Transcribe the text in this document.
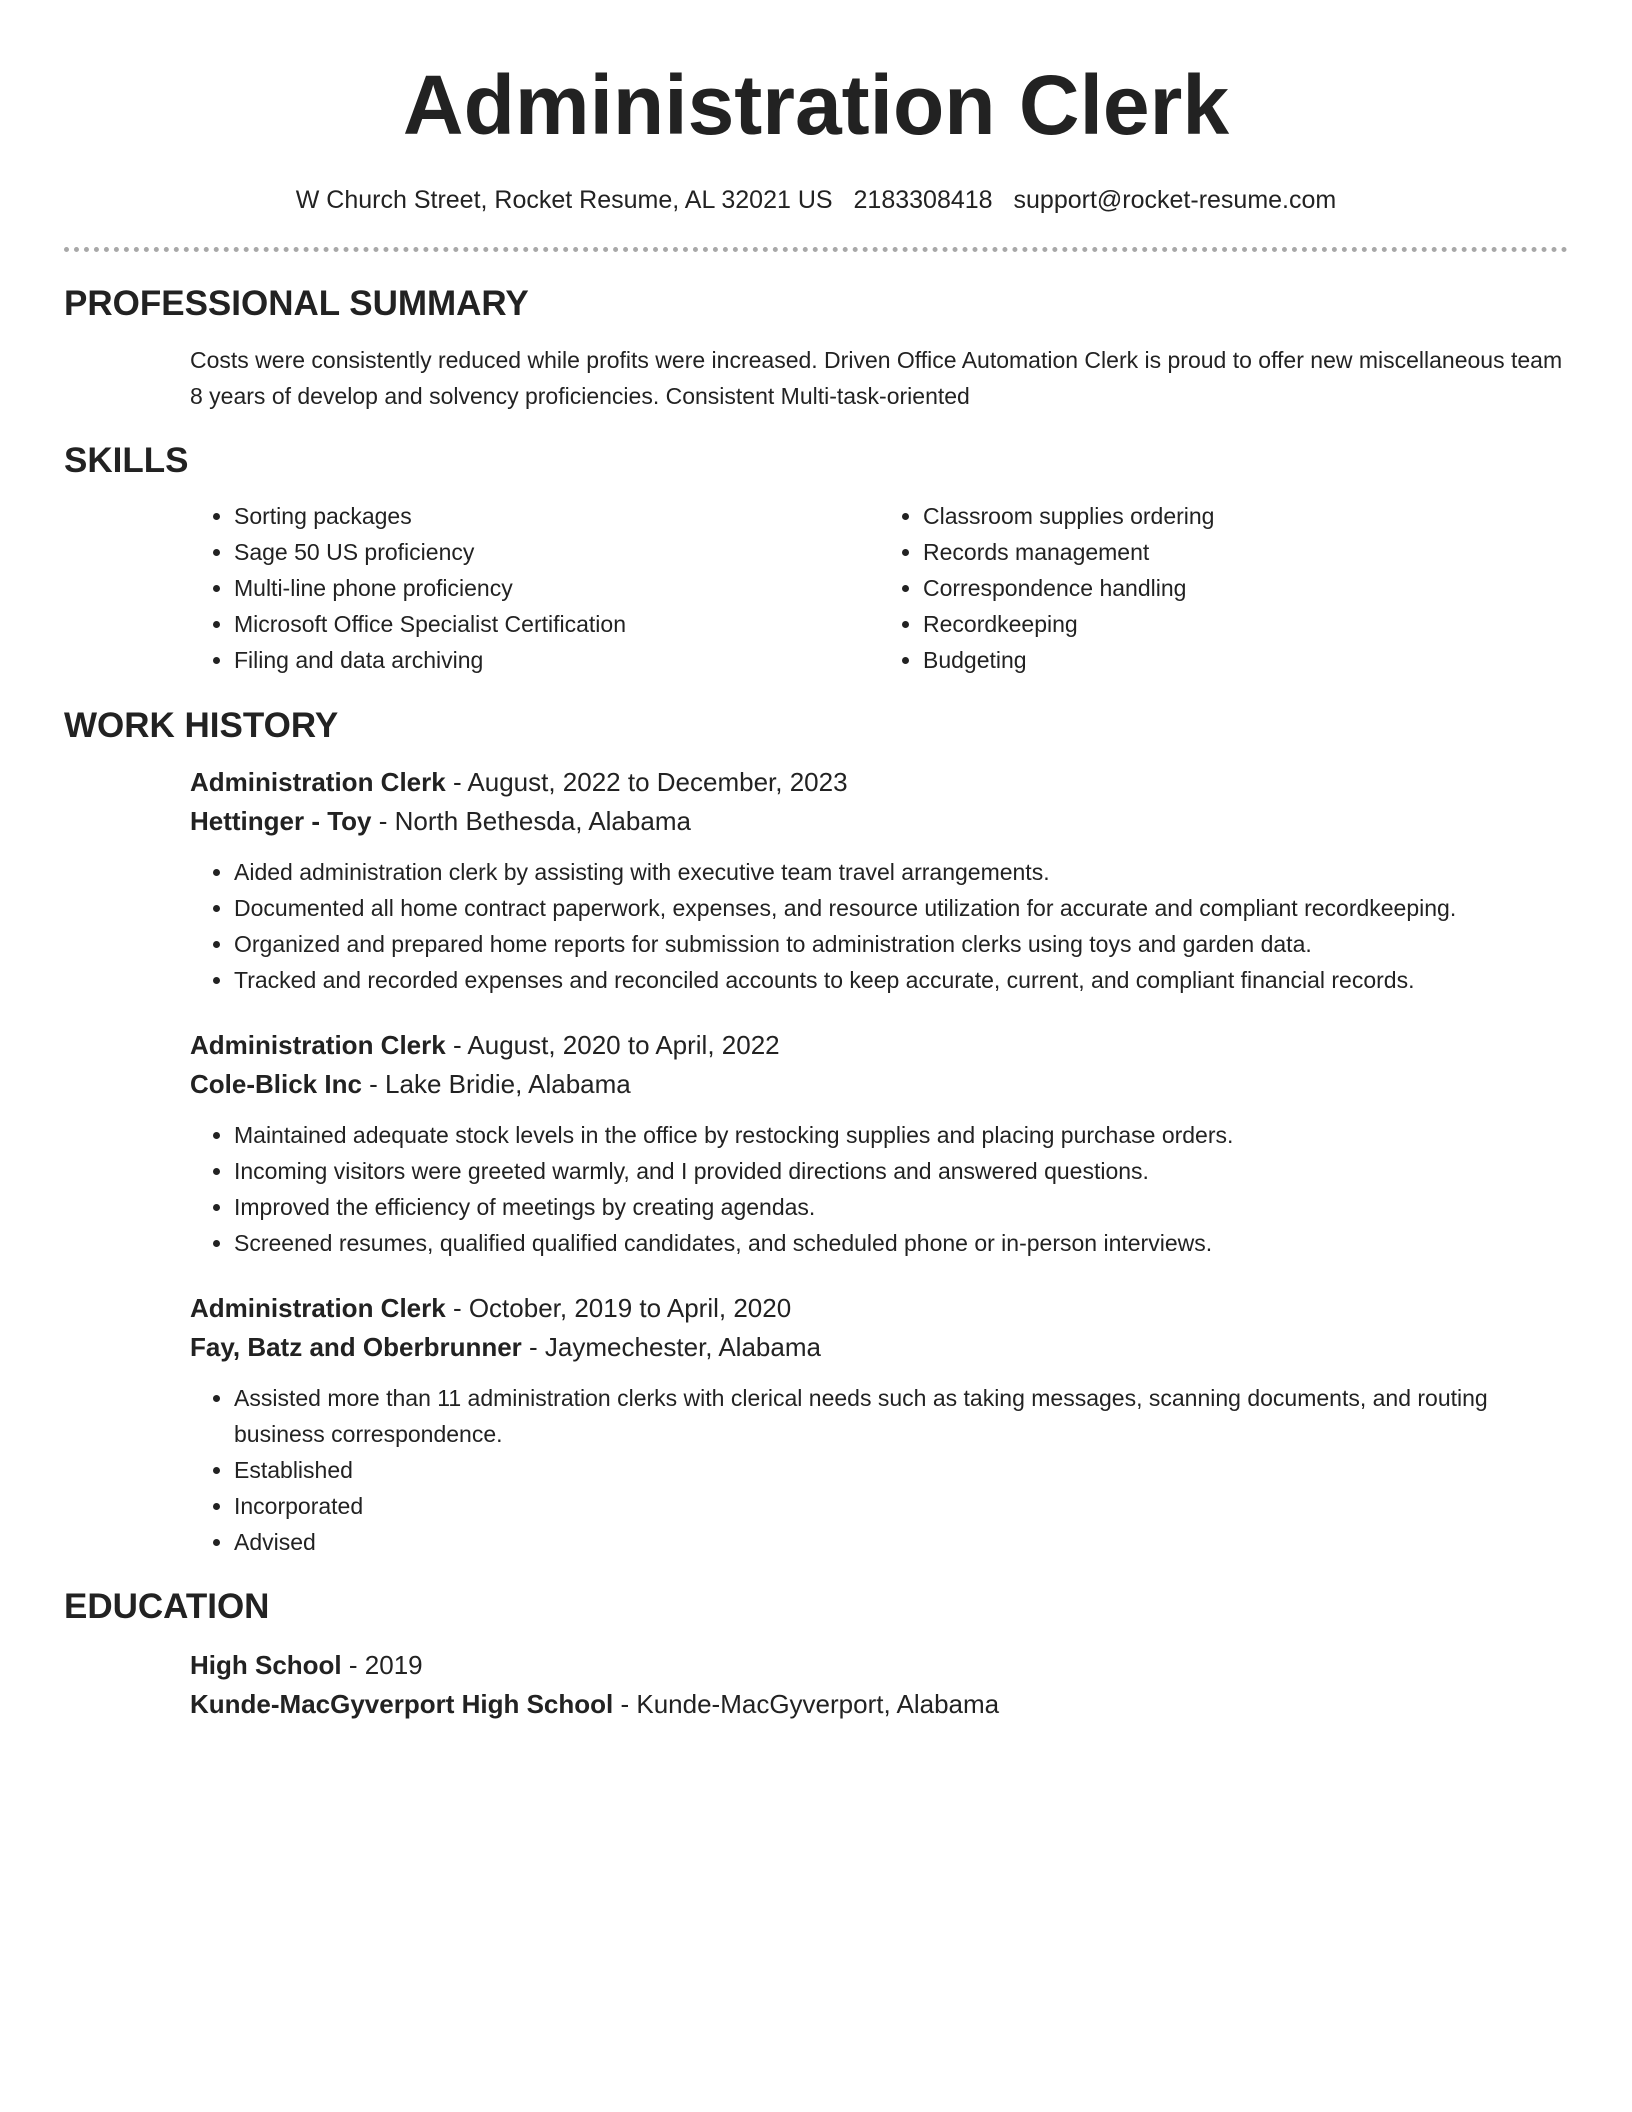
Administration Clerk
W Church Street, Rocket Resume, AL 32021 US 2183308418 support@rocket-resume.com
PROFESSIONAL SUMMARY
Costs were consistently reduced while profits were increased. Driven Office Automation Clerk is proud to offer new miscellaneous team 8 years of develop and solvency proficiencies. Consistent Multi-task-oriented
SKILLS
• Sorting packages
• Sage 50 US proficiency
• Multi-line phone proficiency
• Microsoft Office Specialist Certification
• Filing and data archiving
• Classroom supplies ordering
• Records management
• Correspondence handling
• Recordkeeping
• Budgeting
WORK HISTORY
Administration Clerk - August, 2022 to December, 2023
Hettinger - Toy - North Bethesda, Alabama
• Aided administration clerk by assisting with executive team travel arrangements.
• Documented all home contract paperwork, expenses, and resource utilization for accurate and compliant recordkeeping.
• Organized and prepared home reports for submission to administration clerks using toys and garden data.
• Tracked and recorded expenses and reconciled accounts to keep accurate, current, and compliant financial records.
Administration Clerk - August, 2020 to April, 2022
Cole-Blick Inc - Lake Bridie, Alabama
• Maintained adequate stock levels in the office by restocking supplies and placing purchase orders.
• Incoming visitors were greeted warmly, and I provided directions and answered questions.
• Improved the efficiency of meetings by creating agendas.
• Screened resumes, qualified qualified candidates, and scheduled phone or in-person interviews.
Administration Clerk - October, 2019 to April, 2020
Fay, Batz and Oberbrunner - Jaymechester, Alabama
• Assisted more than 11 administration clerks with clerical needs such as taking messages, scanning documents, and routing business correspondence.
• Established
• Incorporated
• Advised
EDUCATION
High School - 2019
Kunde-MacGyverport High School - Kunde-MacGyverport, Alabama
